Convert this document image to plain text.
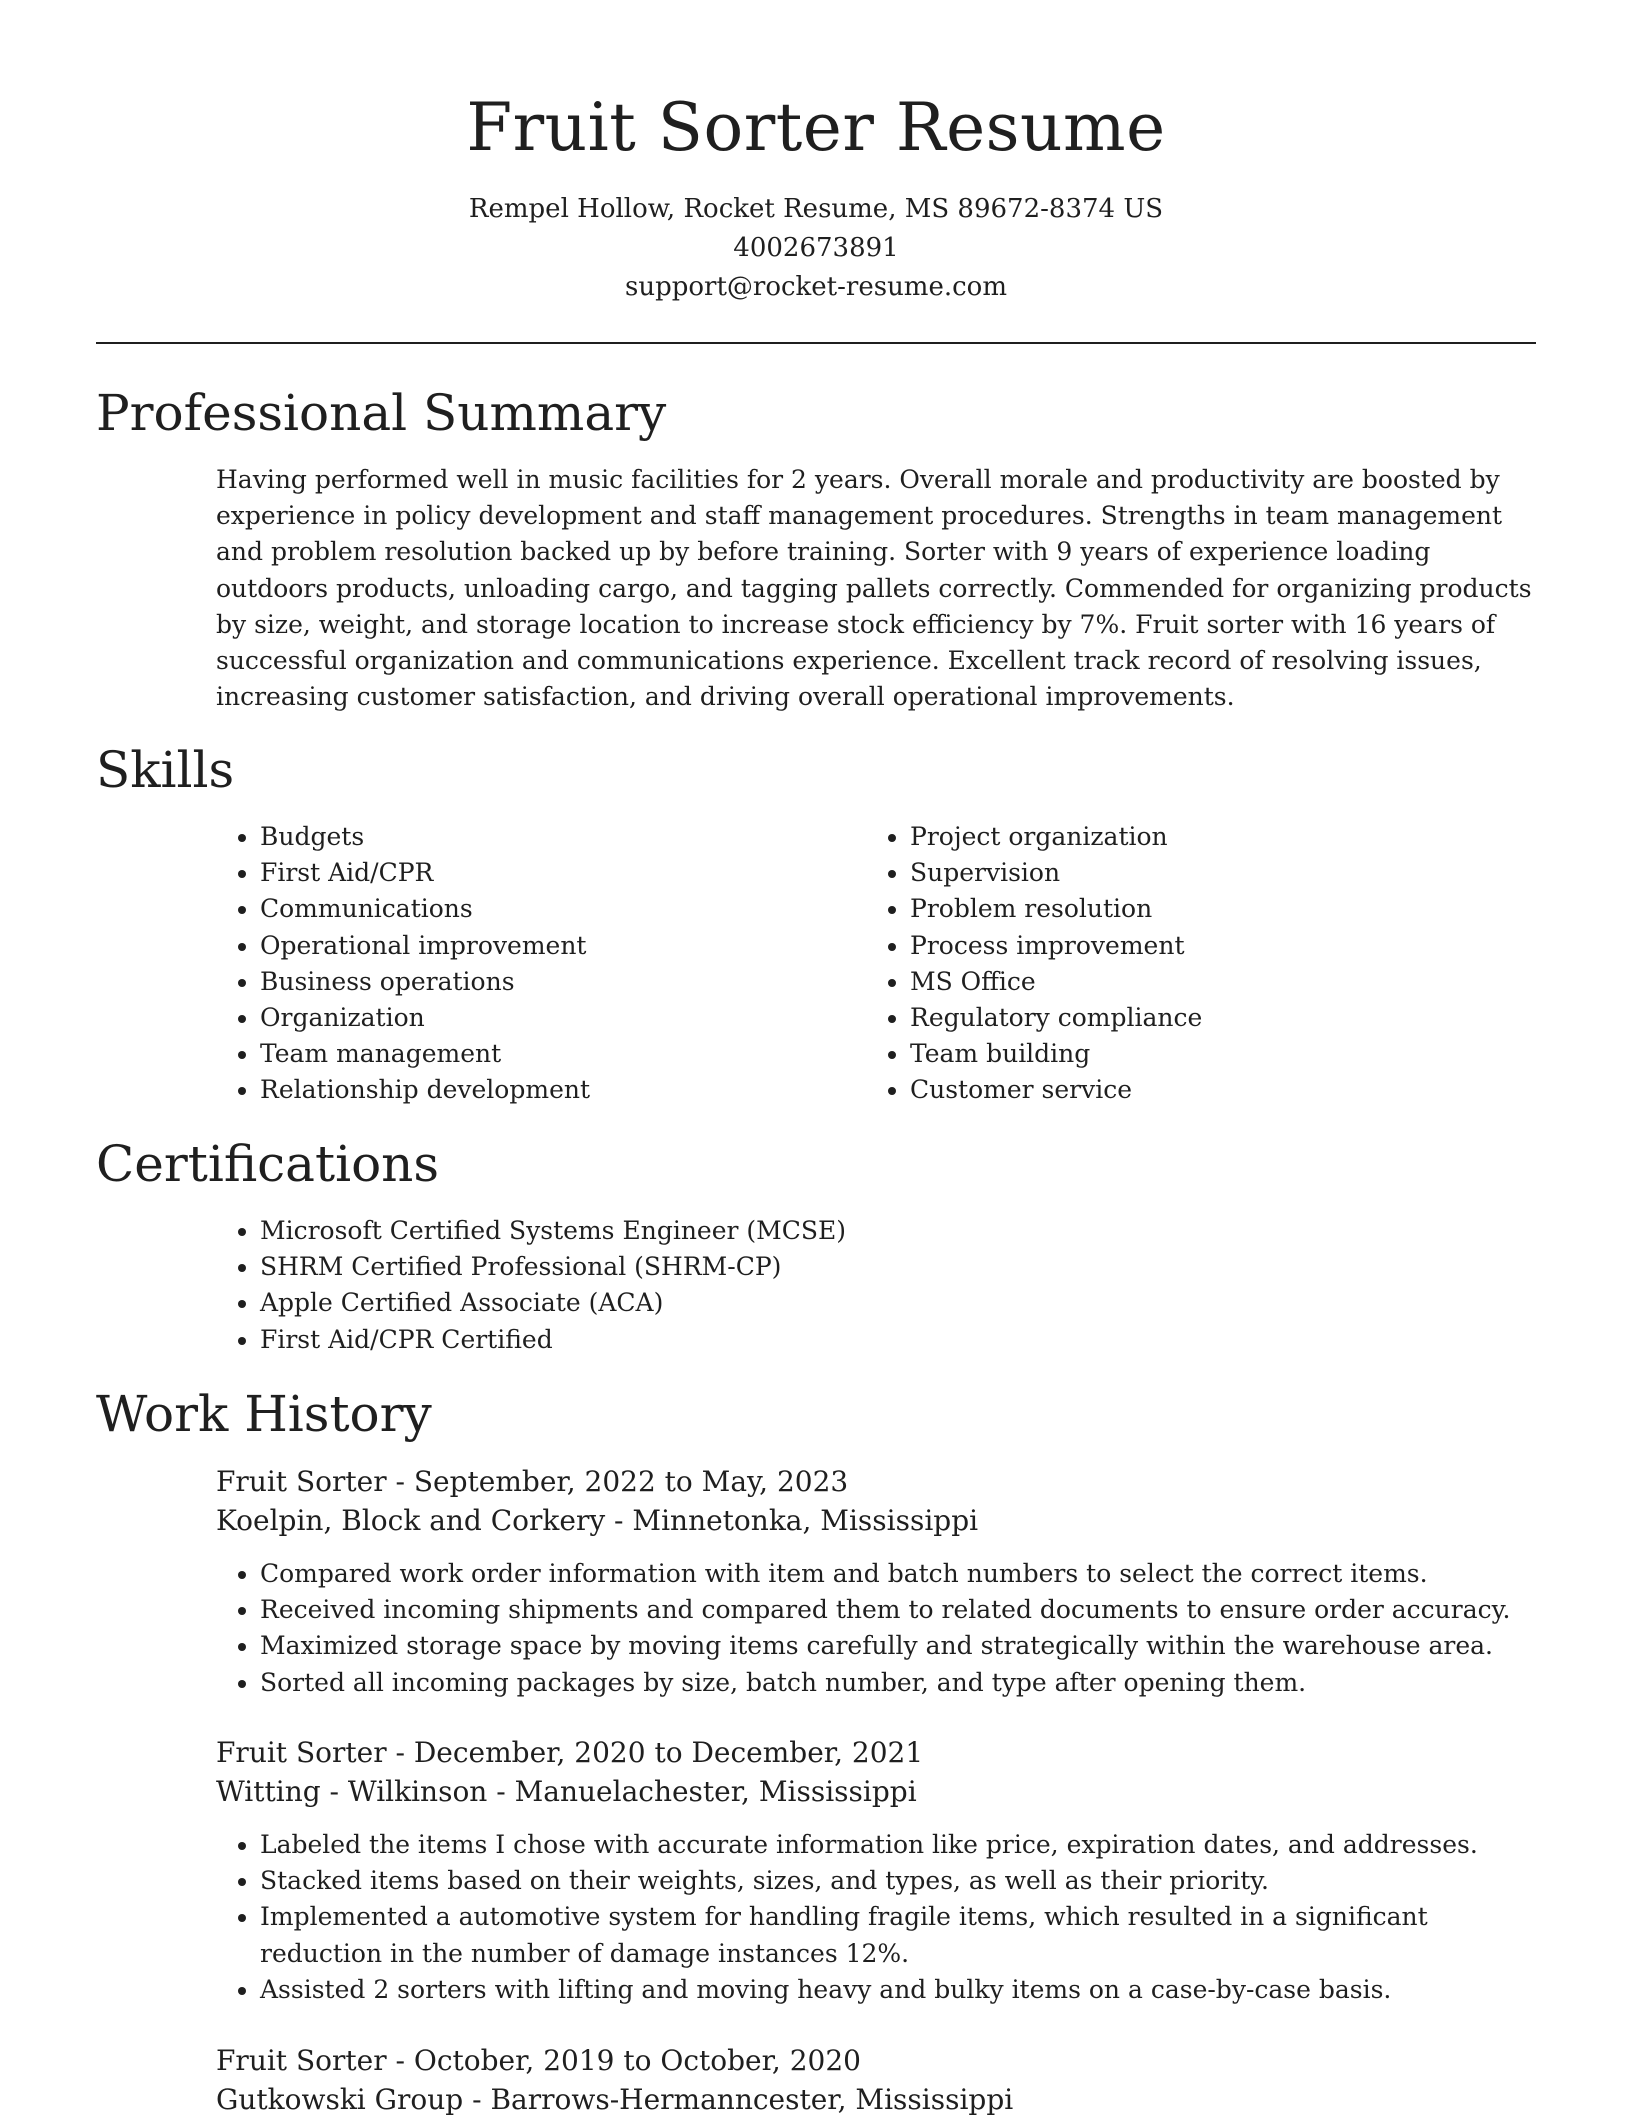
Fruit Sorter Resume
Rempel Hollow, Rocket Resume, MS 89672-8374 US
4002673891
support@rocket-resume.com
Professional Summary

Having performed well in music facilities for 2 years. Overall morale and productivity are boosted by experience in policy development and staff management procedures. Strengths in team management and problem resolution backed up by before training. Sorter with 9 years of experience loading outdoors products, unloading cargo, and tagging pallets correctly. Commended for organizing products by size, weight, and storage location to increase stock efficiency by 7%. Fruit sorter with 16 years of successful organization and communications experience. Excellent track record of resolving issues, increasing customer satisfaction, and driving overall operational improvements.

Skills
• Budgets
• First Aid/CPR
• Communications
• Operational improvement
• Business operations
• Organization
• Team management
• Relationship development
• Project organization
• Supervision
• Problem resolution
• Process improvement
• MS Office
• Regulatory compliance
• Team building
• Customer service
Certifications
• Microsoft Certified Systems Engineer (MCSE)
• SHRM Certified Professional (SHRM-CP)
• Apple Certified Associate (ACA)
• First Aid/CPR Certified
Work History
Fruit Sorter - September, 2022 to May, 2023
Koelpin, Block and Corkery - Minnetonka, Mississippi
• Compared work order information with item and batch numbers to select the correct items.
• Received incoming shipments and compared them to related documents to ensure order accuracy.
• Maximized storage space by moving items carefully and strategically within the warehouse area.
• Sorted all incoming packages by size, batch number, and type after opening them.
Fruit Sorter - December, 2020 to December, 2021
Witting - Wilkinson - Manuelachester, Mississippi
• Labeled the items I chose with accurate information like price, expiration dates, and addresses.
• Stacked items based on their weights, sizes, and types, as well as their priority.
• Implemented a automotive system for handling fragile items, which resulted in a significant reduction in the number of damage instances 12%.
• Assisted 2 sorters with lifting and moving heavy and bulky items on a case-by-case basis.
Fruit Sorter - October, 2019 to October, 2020
Gutkowski Group - Barrows-Hermanncester, Mississippi
